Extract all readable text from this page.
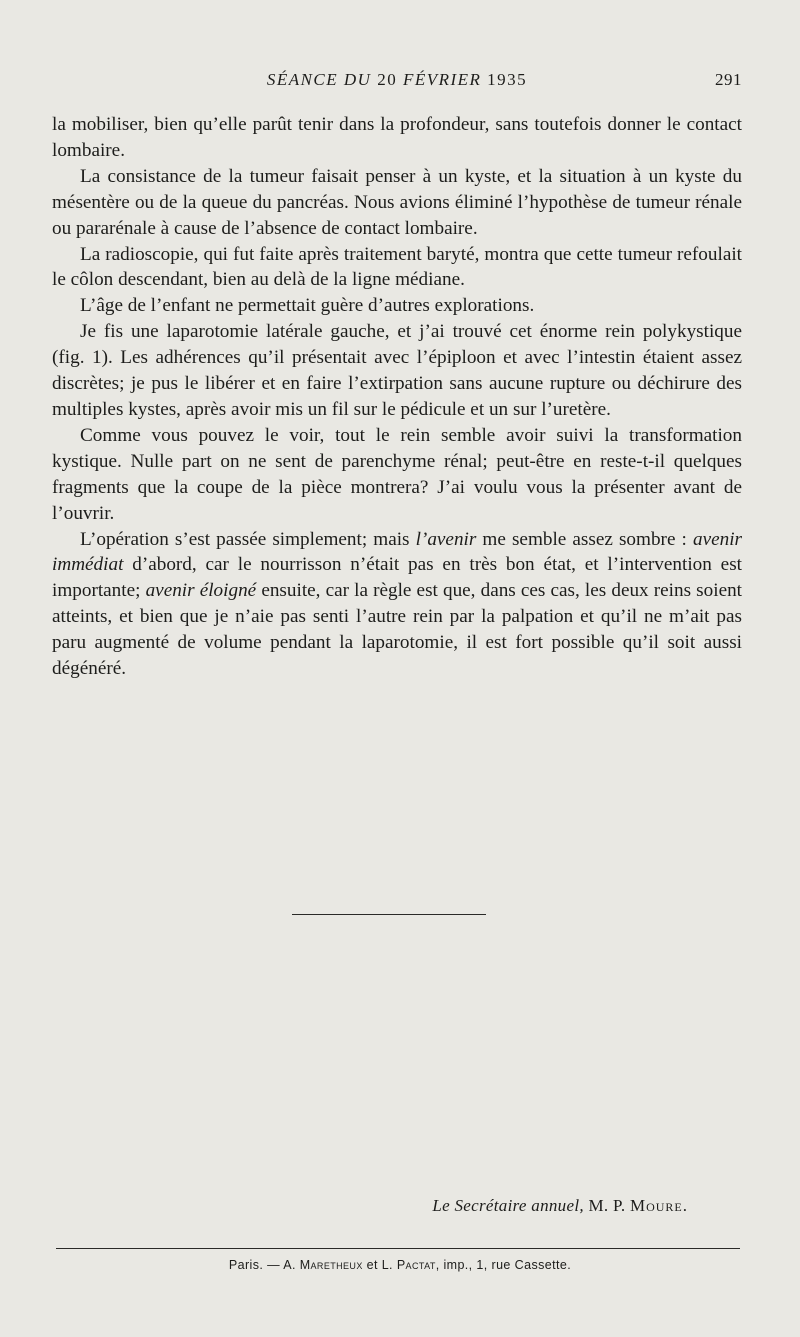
SÉANCE DU 20 FÉVRIER 1935	291

la mobiliser, bien qu’elle parût tenir dans la profondeur, sans toutefois donner le contact lombaire.

La consistance de la tumeur faisait penser à un kyste, et la situation à un kyste du mésentère ou de la queue du pancréas. Nous avions éliminé l’hypothèse de tumeur rénale ou pararénale à cause de l’absence de contact lombaire.

La radioscopie, qui fut faite après traitement baryté, montra que cette tumeur refoulait le côlon descendant, bien au delà de la ligne médiane.

L’âge de l’enfant ne permettait guère d’autres explorations.

Je fis une laparotomie latérale gauche, et j’ai trouvé cet énorme rein polykystique (fig. 1). Les adhérences qu’il présentait avec l’épiploon et avec l’intestin étaient assez discrètes; je pus le libérer et en faire l’extirpation sans aucune rupture ou déchirure des multiples kystes, après avoir mis un fil sur le pédicule et un sur l’uretère.

Comme vous pouvez le voir, tout le rein semble avoir suivi la transformation kystique. Nulle part on ne sent de parenchyme rénal; peut-être en reste-t-il quelques fragments que la coupe de la pièce montrera? J’ai voulu vous la présenter avant de l’ouvrir.

L’opération s’est passée simplement; mais l’avenir me semble assez sombre : avenir immédiat d’abord, car le nourrisson n’était pas en très bon état, et l’intervention est importante; avenir éloigné ensuite, car la règle est que, dans ces cas, les deux reins soient atteints, et bien que je n’aie pas senti l’autre rein par la palpation et qu’il ne m’ait pas paru augmenté de volume pendant la laparotomie, il est fort possible qu’il soit aussi dégénéré.

Le Secrétaire annuel, M. P. Moure.
Paris. — A. Maretheux et L. Pactat, imp., 1, rue Cassette.
